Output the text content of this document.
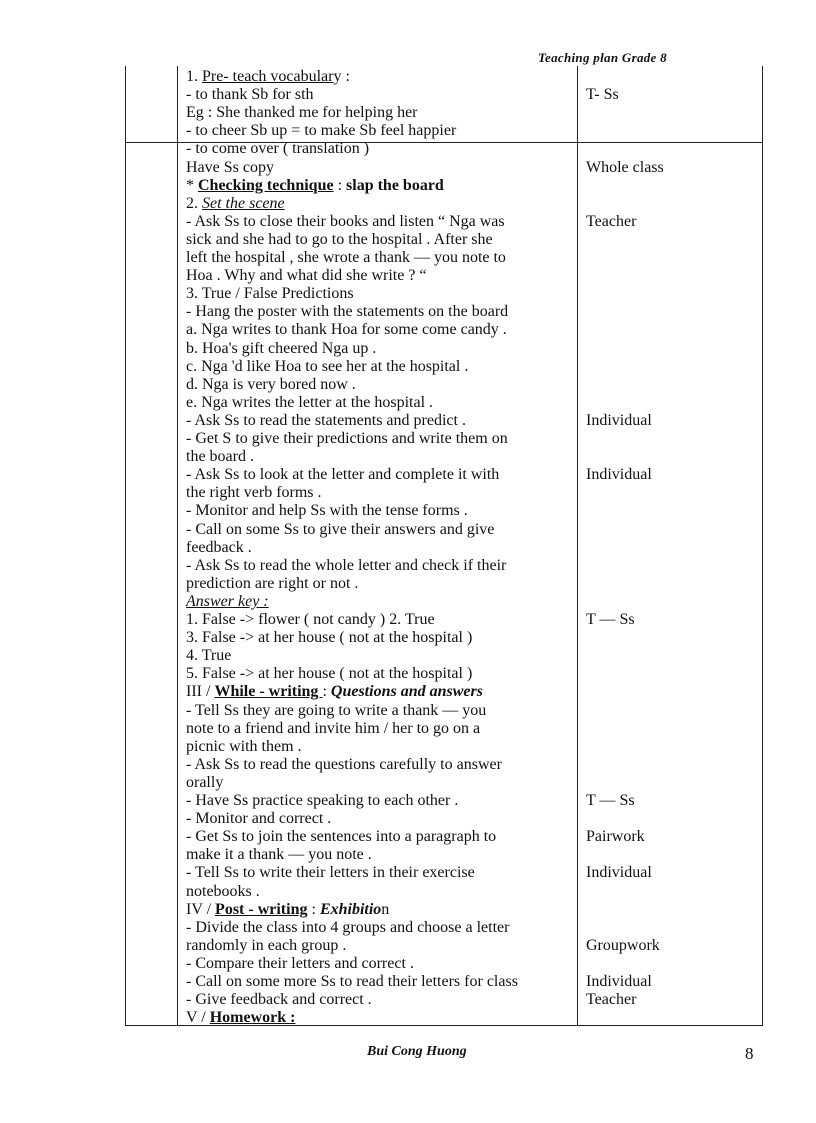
Teaching plan Grade 8
1. Pre- teach vocabulary :
- to thank Sb for sth
Eg : She thanked me for helping her
- to cheer Sb up = to make Sb feel happier
- to come over ( translation )
Have Ss copy
* Checking technique : slap the board
2. Set the scene
- Ask Ss to close their books and listen “ Nga was
sick and she had to go to the hospital . After she
left the hospital , she wrote a thank — you note to
Hoa . Why and what did she write ? “
3. True / False Predictions
- Hang the poster with the statements on the board
a. Nga writes to thank Hoa for some come candy .
b. Hoa's gift cheered Nga up .
c. Nga 'd like Hoa to see her at the hospital .
d. Nga is very bored now .
e. Nga writes the letter at the hospital .
- Ask Ss to read the statements and predict .
- Get S to give their predictions and write them on
the board .
- Ask Ss to look at the letter and complete it with
the right verb forms .
- Monitor and help Ss with the tense forms .
- Call on some Ss to give their answers and give
feedback .
- Ask Ss to read the whole letter and check if their
prediction are right or not .
Answer key :
1. False -> flower ( not candy ) 2. True
3. False -> at her house ( not at the hospital )
4. True
5. False -> at her house ( not at the hospital )
III / While - writing : Questions and answers
- Tell Ss they are going to write a thank — you
note to a friend and invite him / her to go on a
picnic with them .
- Ask Ss to read the questions carefully to answer
orally
- Have Ss practice speaking to each other .
- Monitor and correct .
- Get Ss to join the sentences into a paragraph to
make it a thank — you note .
- Tell Ss to write their letters in their exercise
notebooks .
IV / Post - writing : Exhibition
- Divide the class into 4 groups and choose a letter
randomly in each group .
- Compare their letters and correct .
- Call on some more Ss to read their letters for class
- Give feedback and correct .
V / Homework :
T- Ss
Whole class
Teacher
Individual
Individual
T — Ss
T — Ss
Pairwork
Individual
Groupwork
Individual
Teacher
Bui Cong Huong	8
